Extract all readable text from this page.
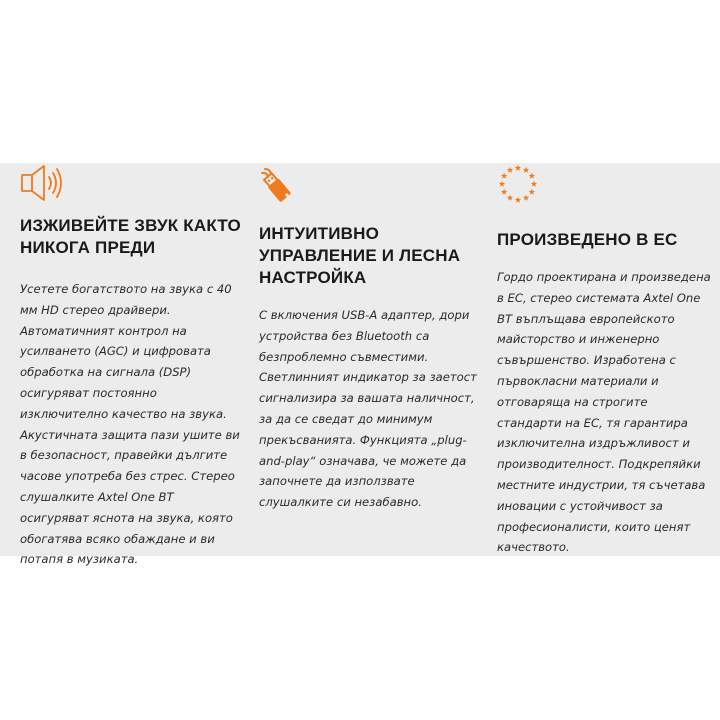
ИЗЖИВЕЙТЕ ЗВУК КАКТО НИКОГА ПРЕДИ

Усетете богатството на звука с 40 мм HD стерео драйвери. Автоматичният контрол на усилването (AGC) и цифровата обработка на сигнала (DSP) осигуряват постоянно изключително качество на звука. Акустичната защита пази ушите ви в безопасност, правейки дългите часове употреба без стрес. Стерео слушалките Axtel One BT осигуряват яснота на звука, която обогатява всяко обаждане и ви потапя в музиката.

ИНТУИТИВНО УПРАВЛЕНИЕ И ЛЕСНА НАСТРОЙКА

С включения USB-A адаптер, дори устройства без Bluetooth са безпроблемно съвместими. Светлинният индикатор за заетост сигнализира за вашата наличност, за да се сведат до минимум прекъсванията. Функцията „plug-and-play“ означава, че можете да започнете да използвате слушалките си незабавно.

ПРОИЗВЕДЕНО В ЕС

Гордо проектирана и произведена в ЕС, стерео системата Axtel One BT въплъщава европейското майсторство и инженерно съвършенство. Изработена с първокласни материали и отговаряща на строгите стандарти на ЕС, тя гарантира изключителна издръжливост и производителност. Подкрепяйки местните индустрии, тя съчетава иновации с устойчивост за професионалисти, които ценят качеството.
